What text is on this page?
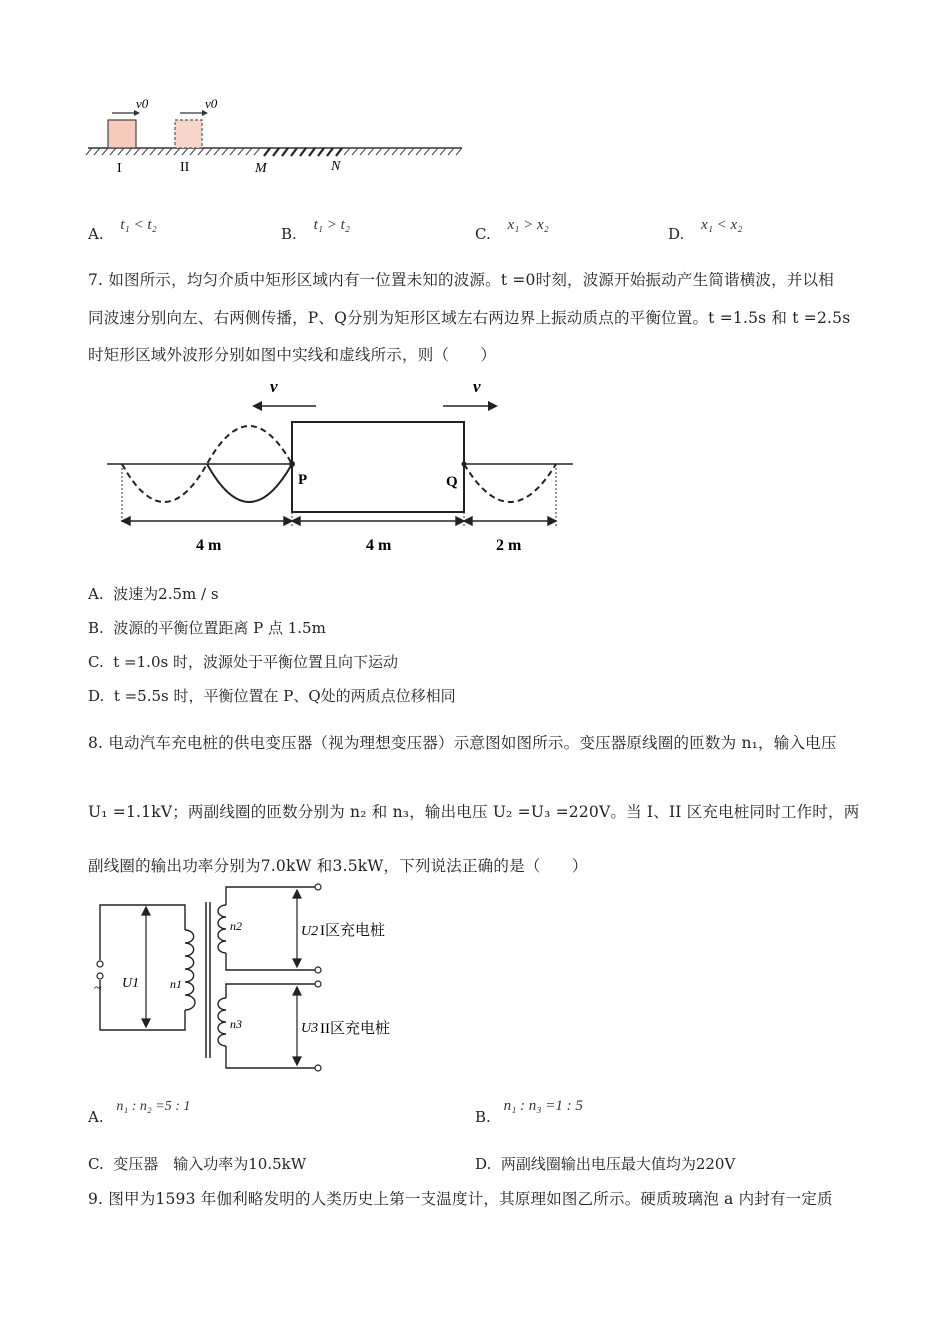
v0	v0
I	II	M	N
A. t₁ < t₂	B. t₁ > t₂	C. x₁ > x₂	D. x₁ < x₂
7. 如图所示，均匀介质中矩形区域内有一位置未知的波源。t =0时刻，波源开始振动产生简谐横波，并以相
同波速分别向左、右两侧传播，P、Q分别为矩形区域左右两边界上振动质点的平衡位置。t =1.5s 和 t =2.5s
时矩形区域外波形分别如图中实线和虚线所示，则（　　）
v	v
P	Q
4 m	4 m	2 m
A. 波速为2.5m / s
B. 波源的平衡位置距离 P 点 1.5m
C. t =1.0s 时，波源处于平衡位置且向下运动
D. t =5.5s 时，平衡位置在 P、Q处的两质点位移相同
8. 电动汽车充电桩的供电变压器（视为理想变压器）示意图如图所示。变压器原线圈的匝数为 n₁，输入电压
U₁ =1.1kV；两副线圈的匝数分别为 n₂ 和 n₃，输出电压 U₂ =U₃ =220V。当 I、II 区充电桩同时工作时，两
副线圈的输出功率分别为7.0kW 和3.5kW，下列说法正确的是（　　）
~ U1	n1
n2
n3
U2
U3
I区充电桩
II区充电桩
A. n₁ : n₂ =5 : 1
B. n₁ : n₃ =1 : 5
C. 变压器　输入功率为10.5kW	D. 两副线圈输出电压最大值均为220V
9. 图甲为1593 年伽利略发明的人类历史上第一支温度计，其原理如图乙所示。硬质玻璃泡 a 内封有一定质
